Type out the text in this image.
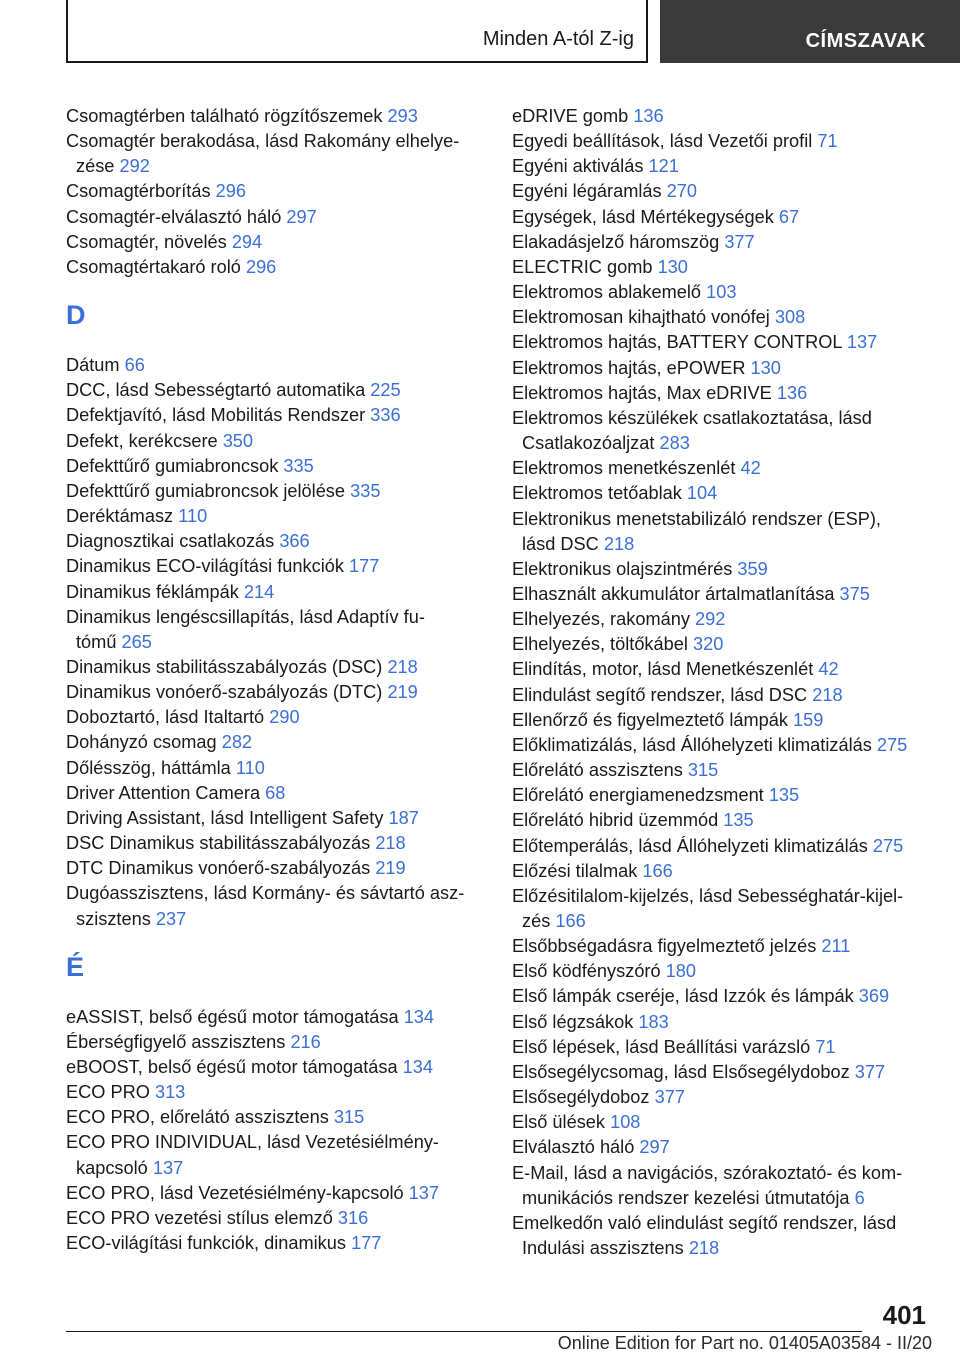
Minden A-tól Z-ig	CÍMSZAVAK
Csomagtérben található rögzítőszemek 293
Csomagtér berakodása, lásd Rakomány elhelye-
zése 292
Csomagtérborítás 296
Csomagtér-elválasztó háló 297
Csomagtér, növelés 294
Csomagtértakaró roló 296
D
Dátum 66
DCC, lásd Sebességtartó automatika 225
Defektjavító, lásd Mobilitás Rendszer 336
Defekt, kerékcsere 350
Defekttűrő gumiabroncsok 335
Defekttűrő gumiabroncsok jelölése 335
Deréktámasz 110
Diagnosztikai csatlakozás 366
Dinamikus ECO-világítási funkciók 177
Dinamikus féklámpák 214
Dinamikus lengéscsillapítás, lásd Adaptív fu-
tómű 265
Dinamikus stabilitásszabályozás (DSC) 218
Dinamikus vonóerő-szabályozás (DTC) 219
Doboztartó, lásd Italtartó 290
Dohányzó csomag 282
Dőlésszög, háttámla 110
Driver Attention Camera 68
Driving Assistant, lásd Intelligent Safety 187
DSC Dinamikus stabilitásszabályozás 218
DTC Dinamikus vonóerő-szabályozás 219
Dugóasszisztens, lásd Kormány- és sávtartó asz-
szisztens 237
É
eASSIST, belső égésű motor támogatása 134
Éberségfigyelő asszisztens 216
eBOOST, belső égésű motor támogatása 134
ECO PRO 313
ECO PRO, előrelátó asszisztens 315
ECO PRO INDIVIDUAL, lásd Vezetésiélmény-
kapcsoló 137
ECO PRO, lásd Vezetésiélmény-kapcsoló 137
ECO PRO vezetési stílus elemző 316
ECO-világítási funkciók, dinamikus 177
eDRIVE gomb 136
Egyedi beállítások, lásd Vezetői profil 71
Egyéni aktiválás 121
Egyéni légáramlás 270
Egységek, lásd Mértékegységek 67
Elakadásjelző háromszög 377
ELECTRIC gomb 130
Elektromos ablakemelő 103
Elektromosan kihajtható vonófej 308
Elektromos hajtás, BATTERY CONTROL 137
Elektromos hajtás, ePOWER 130
Elektromos hajtás, Max eDRIVE 136
Elektromos készülékek csatlakoztatása, lásd
Csatlakozóaljzat 283
Elektromos menetkészenlét 42
Elektromos tetőablak 104
Elektronikus menetstabilizáló rendszer (ESP),
lásd DSC 218
Elektronikus olajszintmérés 359
Elhasznált akkumulátor ártalmatlanítása 375
Elhelyezés, rakomány 292
Elhelyezés, töltőkábel 320
Elindítás, motor, lásd Menetkészenlét 42
Elindulást segítő rendszer, lásd DSC 218
Ellenőrző és figyelmeztető lámpák 159
Előklimatizálás, lásd Állóhelyzeti klimatizálás 275
Előrelátó asszisztens 315
Előrelátó energiamenedzsment 135
Előrelátó hibrid üzemmód 135
Előtemperálás, lásd Állóhelyzeti klimatizálás 275
Előzési tilalmak 166
Előzésitilalom-kijelzés, lásd Sebességhatár-kijel-
zés 166
Elsőbbségadásra figyelmeztető jelzés 211
Első ködfényszóró 180
Első lámpák cseréje, lásd Izzók és lámpák 369
Első légzsákok 183
Első lépések, lásd Beállítási varázsló 71
Elsősegélycsomag, lásd Elsősegélydoboz 377
Elsősegélydoboz 377
Első ülések 108
Elválasztó háló 297
E-Mail, lásd a navigációs, szórakoztató- és kom-
munikációs rendszer kezelési útmutatója 6
Emelkedőn való elindulást segítő rendszer, lásd
Indulási asszisztens 218
401
Online Edition for Part no. 01405A03584 - II/20
